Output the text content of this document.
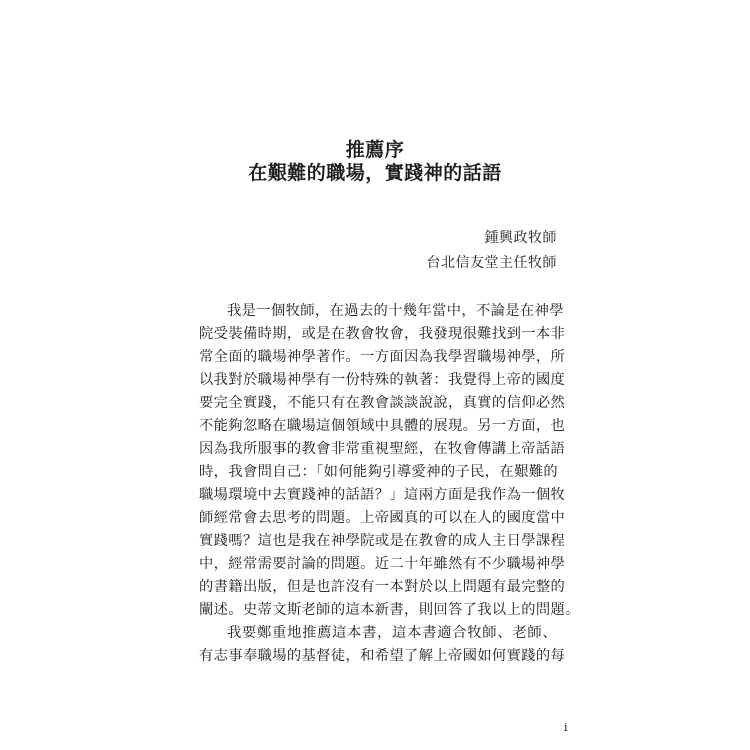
推薦序
在艱難的職場，實踐神的話語
鍾興政牧師
台北信友堂主任牧師
我是一個牧師，在過去的十幾年當中，不論是在神學
院受裝備時期，或是在教會牧會，我發現很難找到一本非
常全面的職場神學著作。一方面因為我學習職場神學，所
以我對於職場神學有一份特殊的執著：我覺得上帝的國度
要完全實踐，不能只有在教會談談說說，真實的信仰必然
不能夠忽略在職場這個領域中具體的展現。另一方面，也
因為我所服事的教會非常重視聖經，在牧會傳講上帝話語
時，我會問自己：「如何能夠引導愛神的子民，在艱難的
職場環境中去實踐神的話語？」這兩方面是我作為一個牧
師經常會去思考的問題。上帝國真的可以在人的國度當中
實踐嗎？這也是我在神學院或是在教會的成人主日學課程
中，經常需要討論的問題。近二十年雖然有不少職場神學
的書籍出版，但是也許沒有一本對於以上問題有最完整的
闡述。史蒂文斯老師的這本新書，則回答了我以上的問題。
我要鄭重地推薦這本書，這本書適合牧師、老師、
有志事奉職場的基督徒，和希望了解上帝國如何實踐的每
i
